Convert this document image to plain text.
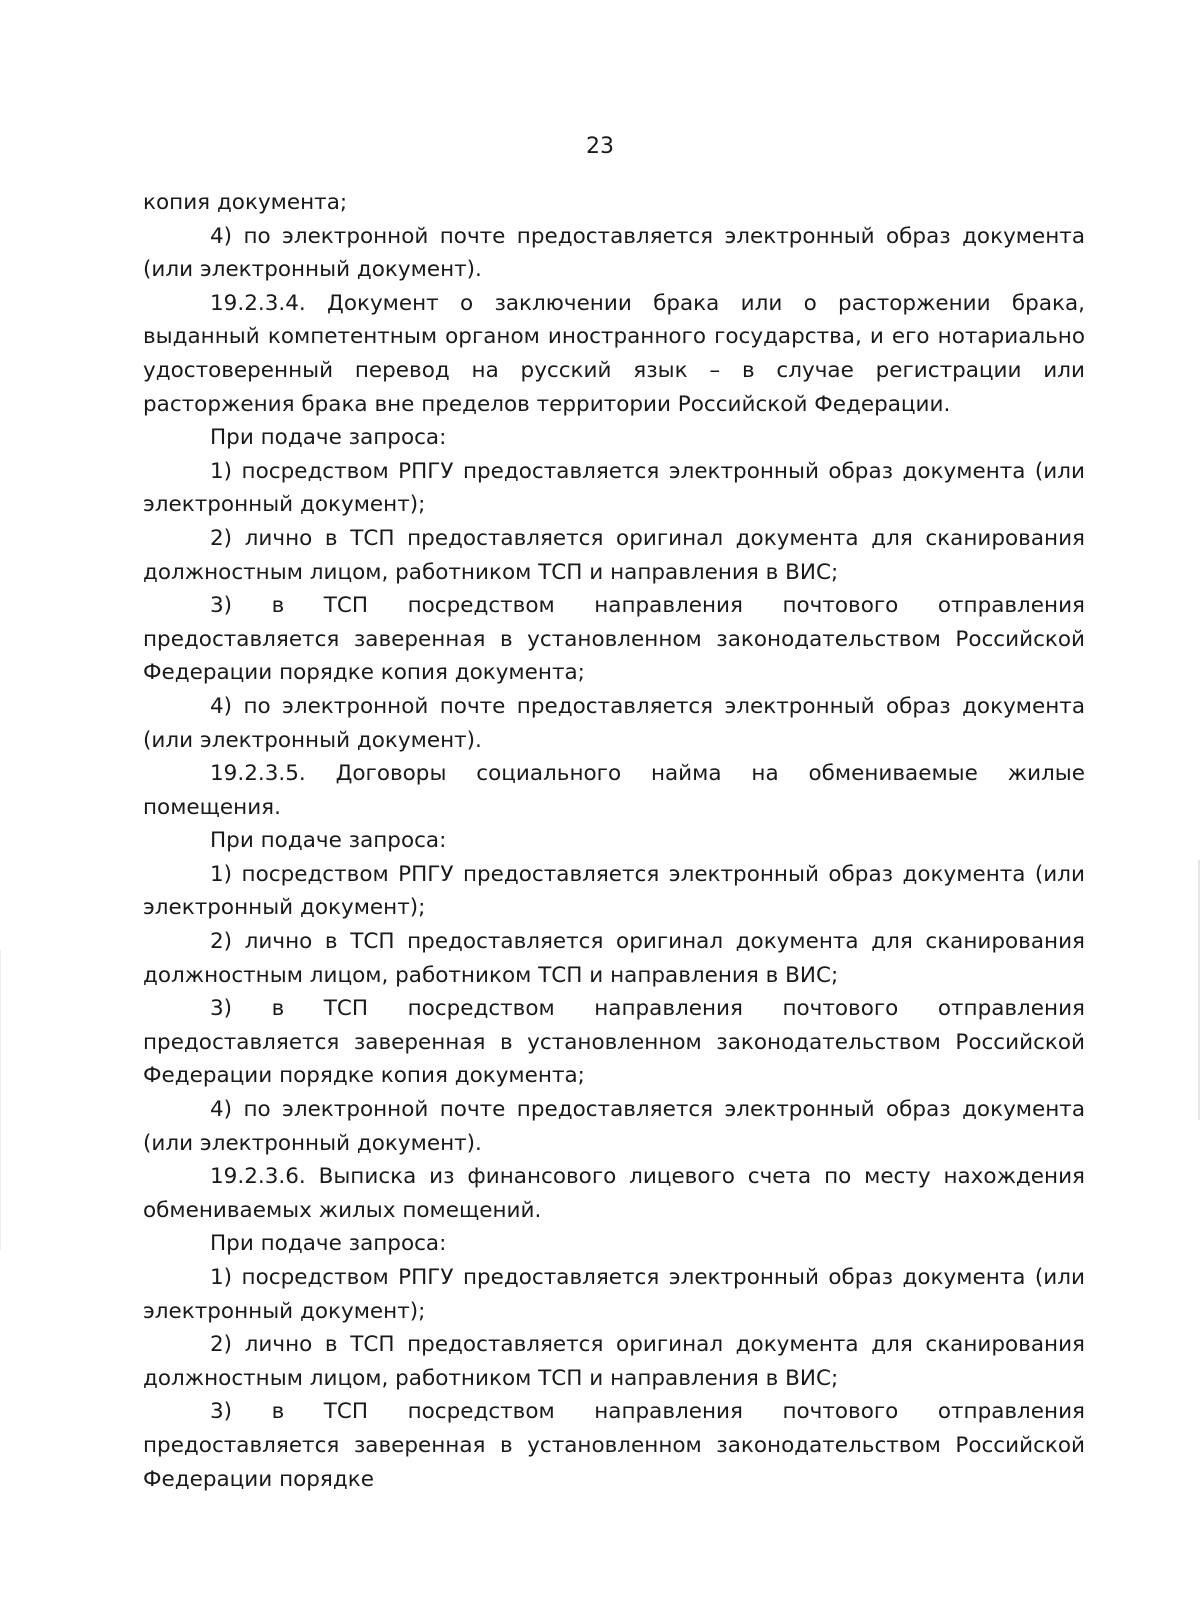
23

копия документа;

4) по электронной почте предоставляется электронный образ документа (или электронный документ).

19.2.3.4. Документ о заключении брака или о расторжении брака, выданный компетентным органом иностранного государства, и его нотариально удостоверенный перевод на русский язык – в случае регистрации или расторжения брака вне пределов территории Российской Федерации.

При подаче запроса:

1) посредством РПГУ предоставляется электронный образ документа (или электронный документ);

2) лично в ТСП предоставляется оригинал документа для сканирования должностным лицом, работником ТСП и направления в ВИС;

3) в ТСП посредством направления почтового отправления предоставляется заверенная в установленном законодательством Российской Федерации порядке копия документа;

4) по электронной почте предоставляется электронный образ документа (или электронный документ).

19.2.3.5. Договоры социального найма на обмениваемые жилые помещения.

При подаче запроса:

1) посредством РПГУ предоставляется электронный образ документа (или электронный документ);

2) лично в ТСП предоставляется оригинал документа для сканирования должностным лицом, работником ТСП и направления в ВИС;

3) в ТСП посредством направления почтового отправления предоставляется заверенная в установленном законодательством Российской Федерации порядке копия документа;

4) по электронной почте предоставляется электронный образ документа (или электронный документ).

19.2.3.6. Выписка из финансового лицевого счета по месту нахождения обмениваемых жилых помещений.

При подаче запроса:

1) посредством РПГУ предоставляется электронный образ документа (или электронный документ);

2) лично в ТСП предоставляется оригинал документа для сканирования должностным лицом, работником ТСП и направления в ВИС;

3) в ТСП посредством направления почтового отправления предоставляется заверенная в установленном законодательством Российской Федерации порядке
